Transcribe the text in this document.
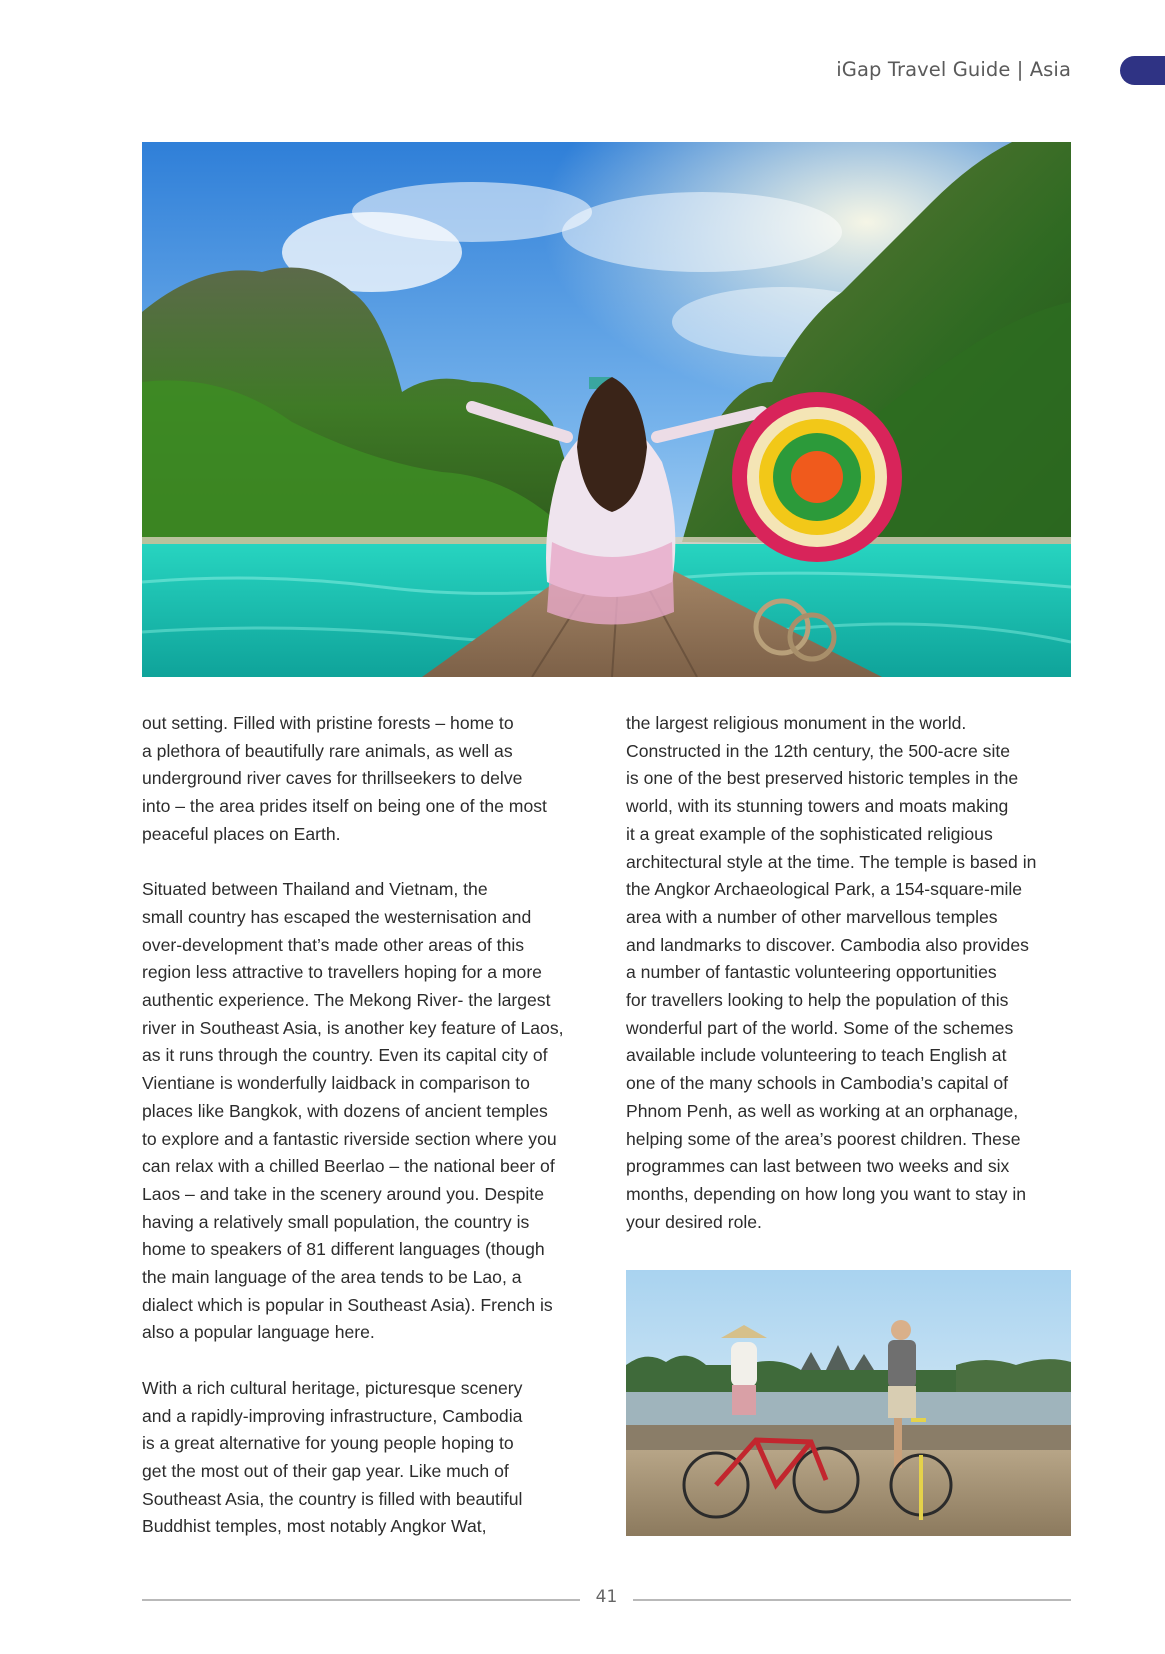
iGap Travel Guide | Asia
out setting. Filled with pristine forests – home to
a plethora of beautifully rare animals, as well as
underground river caves for thrillseekers to delve
into – the area prides itself on being one of the most
peaceful places on Earth.
Situated between Thailand and Vietnam, the
small country has escaped the westernisation and
over-development that’s made other areas of this
region less attractive to travellers hoping for a more
authentic experience. The Mekong River- the largest
river in Southeast Asia, is another key feature of Laos,
as it runs through the country. Even its capital city of
Vientiane is wonderfully laidback in comparison to
places like Bangkok, with dozens of ancient temples
to explore and a fantastic riverside section where you
can relax with a chilled Beerlao – the national beer of
Laos – and take in the scenery around you. Despite
having a relatively small population, the country is
home to speakers of 81 different languages (though
the main language of the area tends to be Lao, a
dialect which is popular in Southeast Asia). French is
also a popular language here.
With a rich cultural heritage, picturesque scenery
and a rapidly-improving infrastructure, Cambodia
is a great alternative for young people hoping to
get the most out of their gap year. Like much of
Southeast Asia, the country is filled with beautiful
Buddhist temples, most notably Angkor Wat,
the largest religious monument in the world.
Constructed in the 12th century, the 500-acre site
is one of the best preserved historic temples in the
world, with its stunning towers and moats making
it a great example of the sophisticated religious
architectural style at the time. The temple is based in
the Angkor Archaeological Park, a 154-square-mile
area with a number of other marvellous temples
and landmarks to discover. Cambodia also provides
a number of fantastic volunteering opportunities
for travellers looking to help the population of this
wonderful part of the world. Some of the schemes
available include volunteering to teach English at
one of the many schools in Cambodia’s capital of
Phnom Penh, as well as working at an orphanage,
helping some of the area’s poorest children. These
programmes can last between two weeks and six
months, depending on how long you want to stay in
your desired role.
41
